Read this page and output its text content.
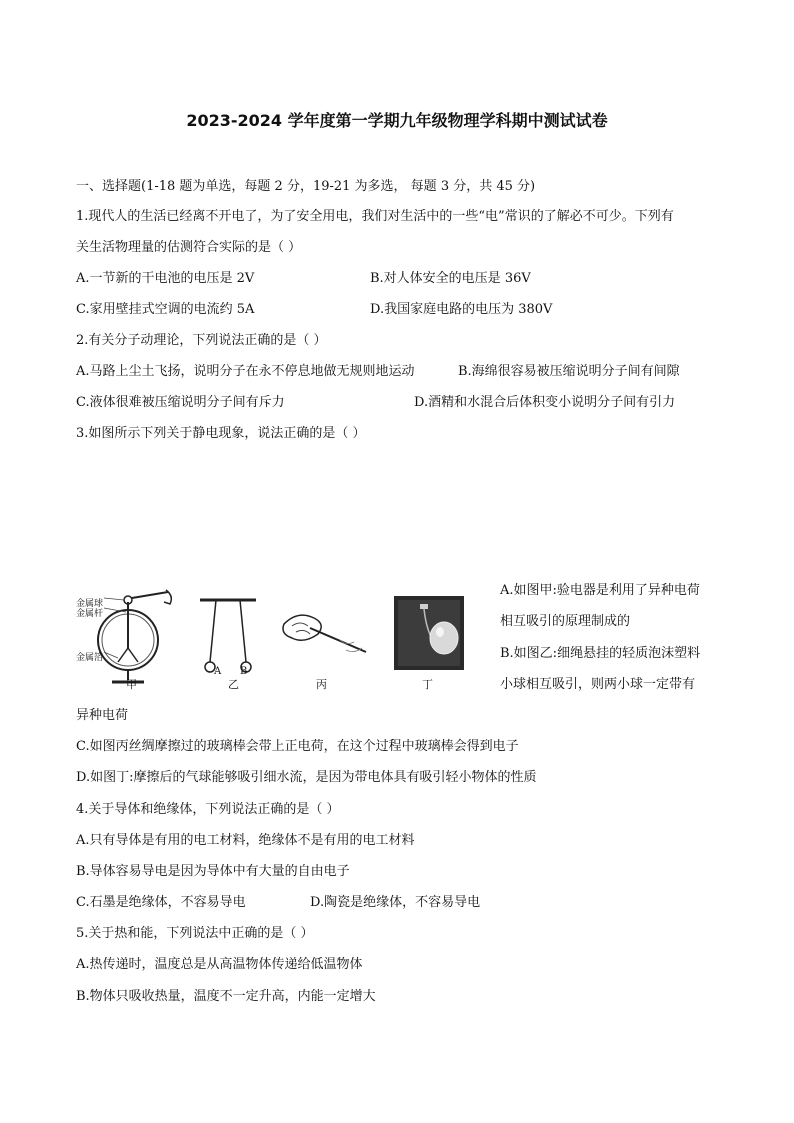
2023-2024 学年度第一学期九年级物理学科期中测试试卷
一、选择题(1-18 题为单选，每题 2 分，19-21 为多选， 每题 3 分，共 45 分)
1.现代人的生活已经离不开电了，为了安全用电，我们对生活中的一些“电”常识的了解必不可少。下列有
关生活物理量的估测符合实际的是（ ）
A.一节新的干电池的电压是 2V	B.对人体安全的电压是 36V
C.家用壁挂式空调的电流约 5A	D.我国家庭电路的电压为 380V
2.有关分子动理论，下列说法正确的是（ ）
A.马路上尘土飞扬，说明分子在永不停息地做无规则地运动	B.海绵很容易被压缩说明分子间有间隙
C.液体很难被压缩说明分子间有斥力	D.酒精和水混合后体积变小说明分子间有引力
3.如图所示下列关于静电现象，说法正确的是（ ）
金属球
金属杆
金属箔
甲
A B
乙	丙	丁
A.如图甲:验电器是利用了异种电荷
相互吸引的原理制成的
B.如图乙:细绳悬挂的轻质泡沫塑料
小球相互吸引，则两小球一定带有
异种电荷
C.如图丙丝绸摩擦过的玻璃棒会带上正电荷，在这个过程中玻璃棒会得到电子
D.如图丁:摩擦后的气球能够吸引细水流，是因为带电体具有吸引轻小物体的性质
4.关于导体和绝缘体，下列说法正确的是（ ）
A.只有导体是有用的电工材料，绝缘体不是有用的电工材料
B.导体容易导电是因为导体中有大量的自由电子
C.石墨是绝缘体，不容易导电	D.陶瓷是绝缘体，不容易导电
5.关于热和能，下列说法中正确的是（ ）
A.热传递时，温度总是从高温物体传递给低温物体
B.物体只吸收热量，温度不一定升高，内能一定增大
